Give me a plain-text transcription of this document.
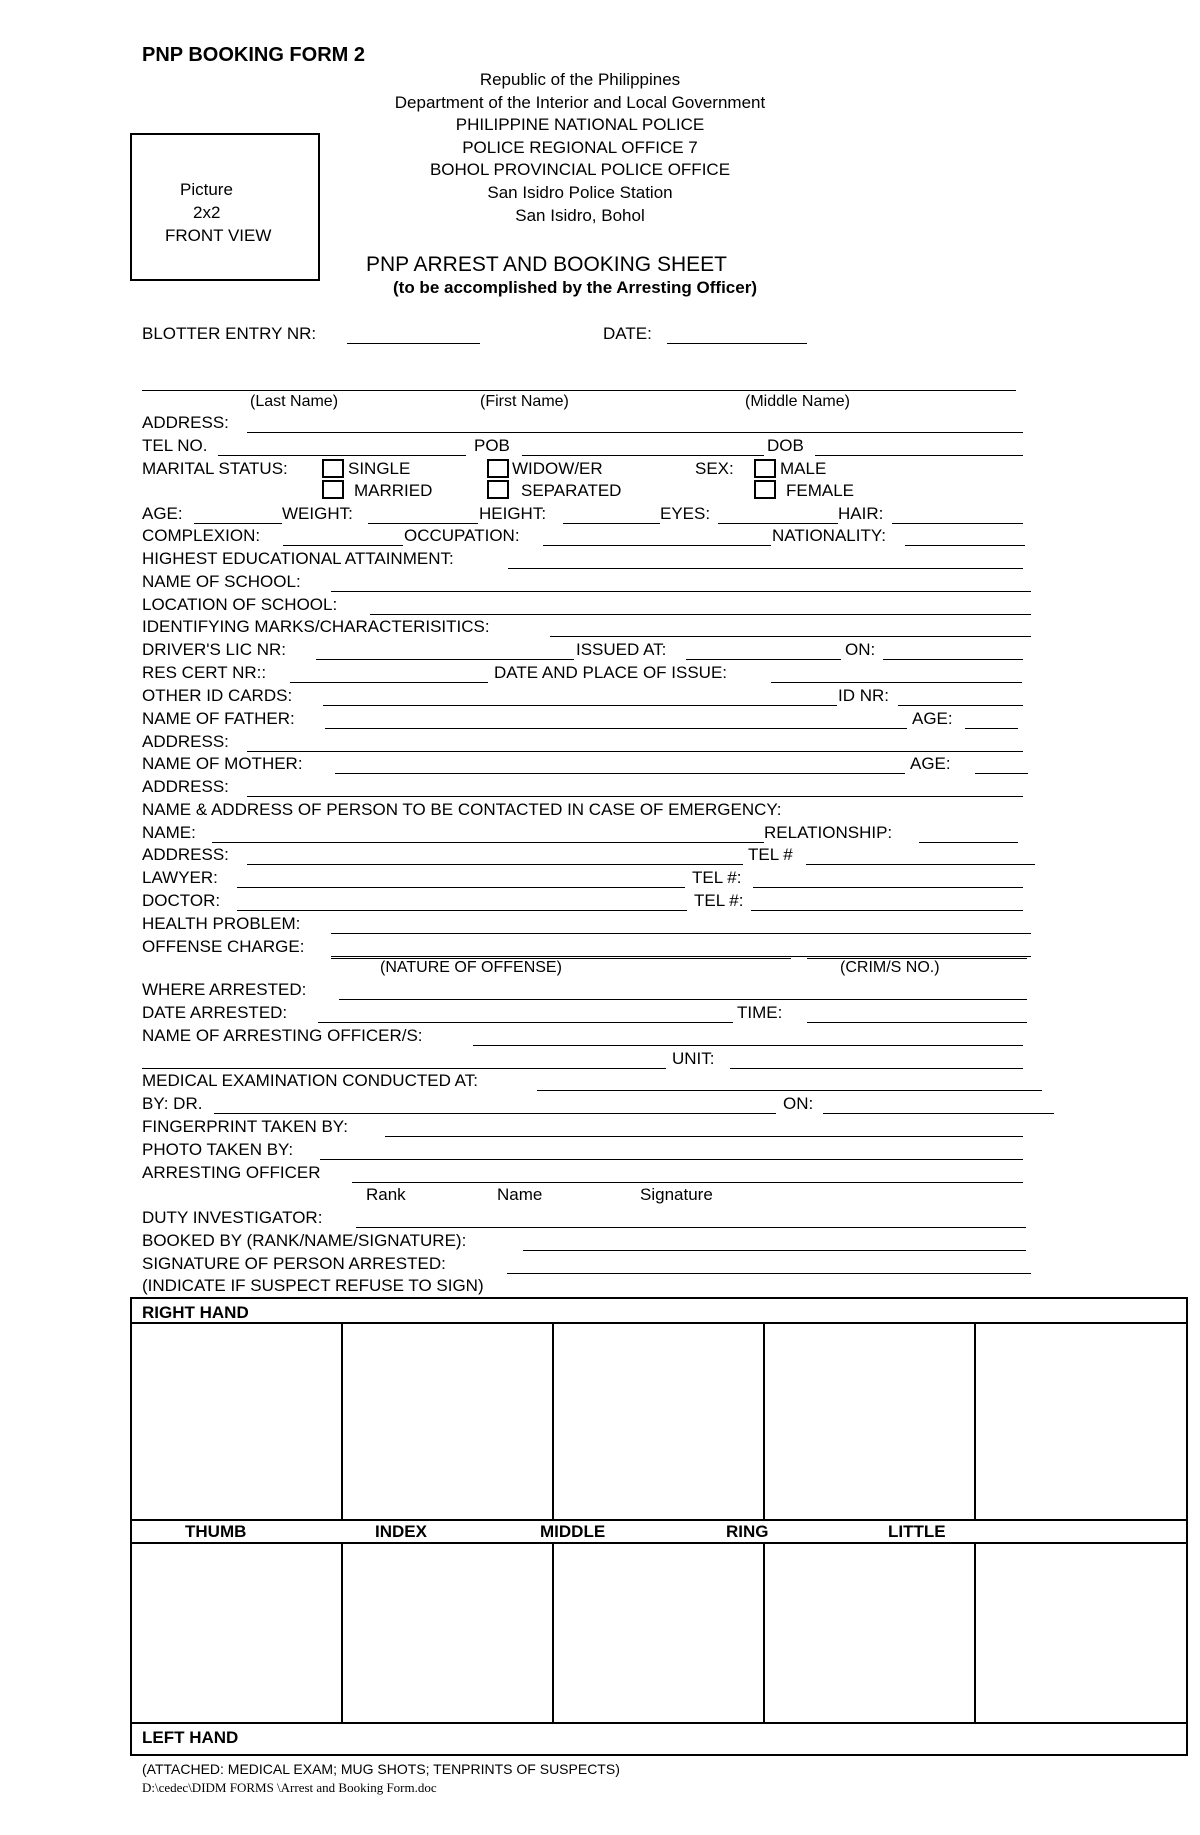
PNP BOOKING FORM 2
Republic of the Philippines
Department of the Interior and Local Government
PHILIPPINE NATIONAL POLICE
POLICE REGIONAL OFFICE 7
BOHOL PROVINCIAL POLICE OFFICE
San Isidro Police Station
San Isidro, Bohol
Picture
2x2
FRONT VIEW
PNP ARREST AND BOOKING SHEET
(to be accomplished by the Arresting Officer)
BLOTTER ENTRY NR:	DATE:
(Last Name)	(First Name)	(Middle Name)
ADDRESS:
TEL NO.	POB	DOB
MARITAL STATUS:	SINGLE
MARRIED
WIDOW/ER
SEPARATED
SEX:	MALE
FEMALE
AGE:	WEIGHT:	HEIGHT:	EYES:	HAIR:
COMPLEXION:	OCCUPATION:	NATIONALITY:
HIGHEST EDUCATIONAL ATTAINMENT:
NAME OF SCHOOL:
LOCATION OF SCHOOL:
IDENTIFYING MARKS/CHARACTERISITICS:
DRIVER'S LIC NR:	ISSUED AT:	ON:
RES CERT NR::	DATE AND PLACE OF ISSUE:
OTHER ID CARDS:	ID NR:
NAME OF FATHER:	AGE:
ADDRESS:
NAME OF MOTHER:	AGE:
ADDRESS:
NAME & ADDRESS OF PERSON TO BE CONTACTED IN CASE OF EMERGENCY:
NAME:	RELATIONSHIP:
ADDRESS:	TEL #
LAWYER:	TEL #:
DOCTOR:	TEL #:
HEALTH PROBLEM:
OFFENSE CHARGE:
(NATURE OF OFFENSE)	(CRIM/S NO.)
WHERE ARRESTED:
DATE ARRESTED:	TIME:
NAME OF ARRESTING OFFICER/S:
UNIT:
MEDICAL EXAMINATION CONDUCTED AT:
BY: DR.	ON:
FINGERPRINT TAKEN BY:
PHOTO TAKEN BY:
ARRESTING OFFICER
Rank	Name	Signature
DUTY INVESTIGATOR:
BOOKED BY (RANK/NAME/SIGNATURE):
SIGNATURE OF PERSON ARRESTED:
(INDICATE IF SUSPECT REFUSE TO SIGN)
RIGHT HAND
THUMB	INDEX	MIDDLE	RING	LITTLE
LEFT HAND
(ATTACHED: MEDICAL EXAM; MUG SHOTS; TENPRINTS OF SUSPECTS)
D:\cedec\DIDM FORMS \Arrest and Booking Form.doc
